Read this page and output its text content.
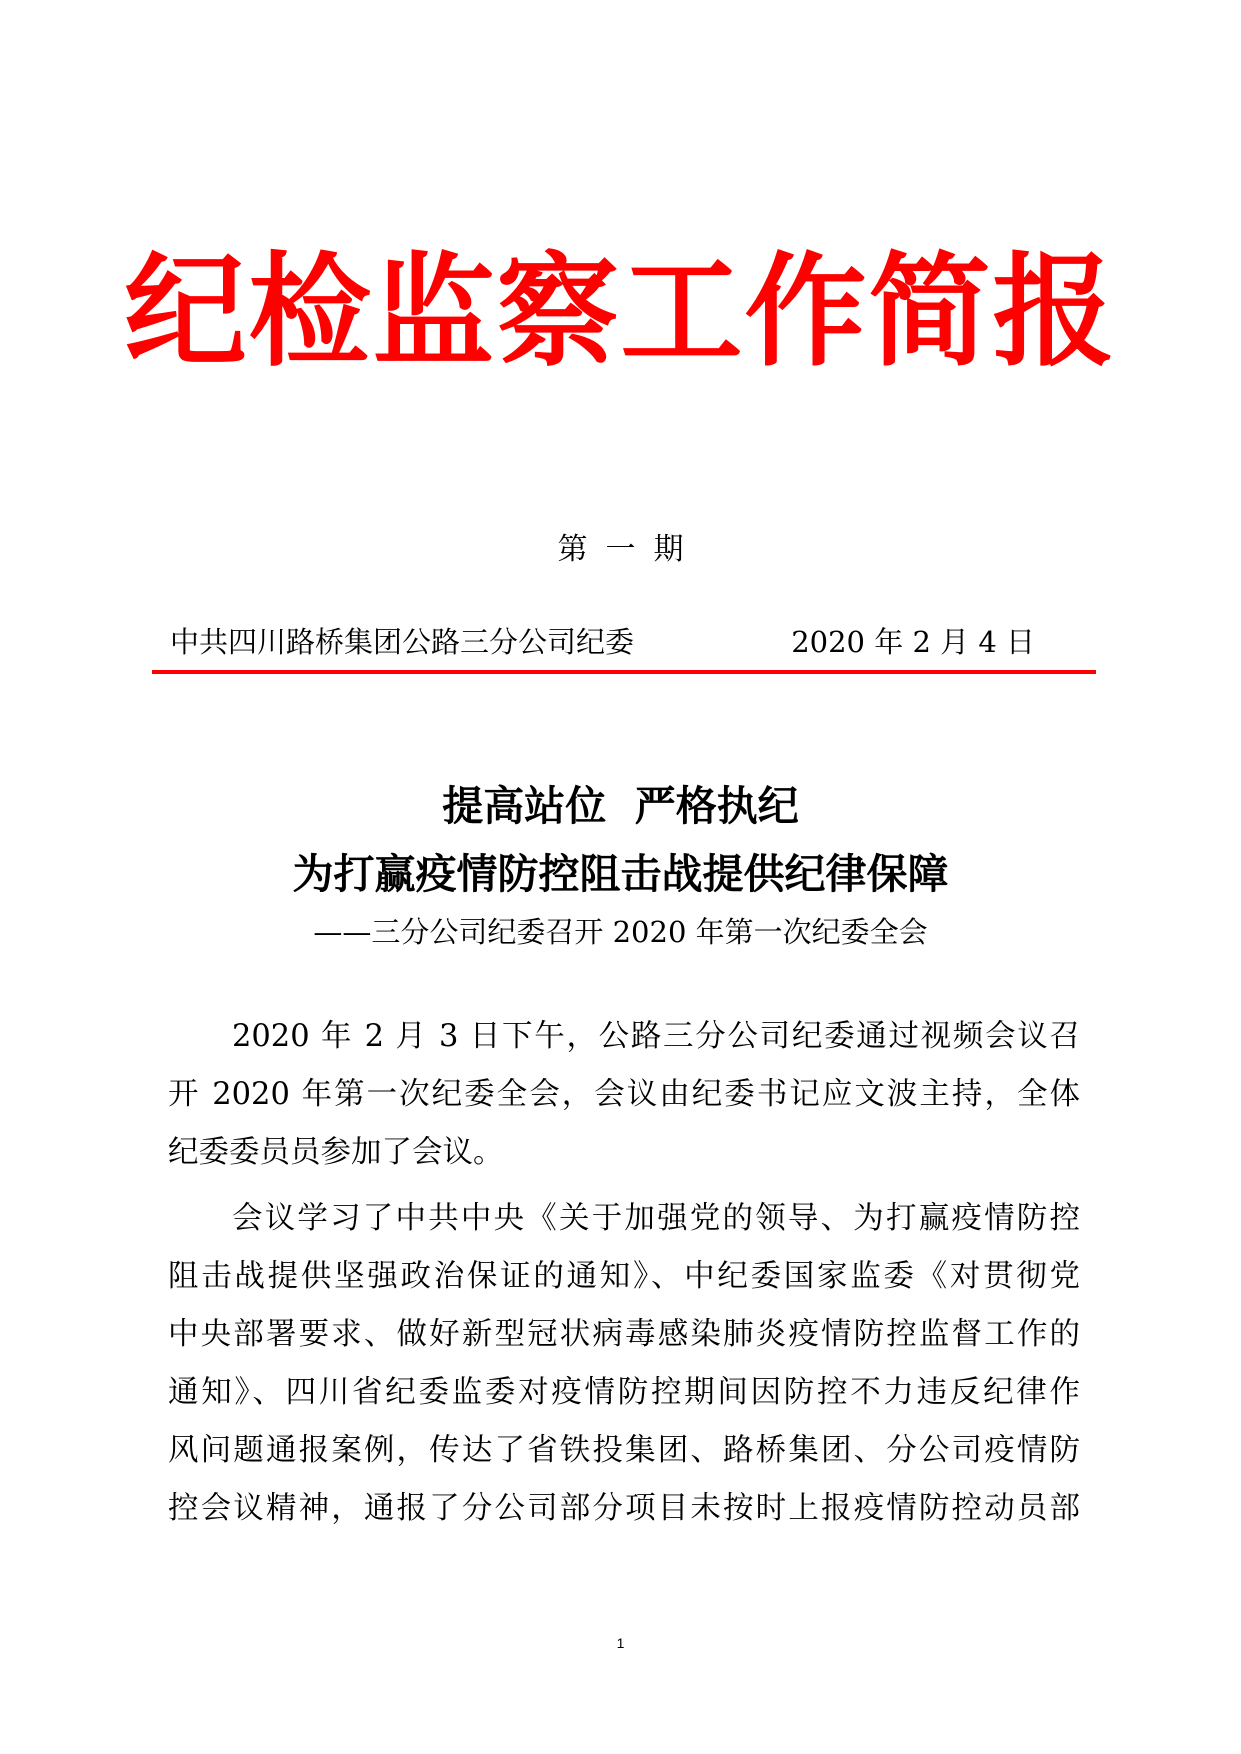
纪检监察工作简报
第一期
中共四川路桥集团公路三分公司纪委	2020 年 2 月 4 日
提高站位  严格执纪
为打赢疫情防控阻击战提供纪律保障
——三分公司纪委召开 2020 年第一次纪委全会
2020 年 2 月 3 日下午，公路三分公司纪委通过视频会议召
开 2020 年第一次纪委全会，会议由纪委书记应文波主持，全体
纪委委员员参加了会议。
会议学习了中共中央《关于加强党的领导、为打赢疫情防控
阻击战提供坚强政治保证的通知》、中纪委国家监委《对贯彻党
中央部署要求、做好新型冠状病毒感染肺炎疫情防控监督工作的
通知》、四川省纪委监委对疫情防控期间因防控不力违反纪律作
风问题通报案例，传达了省铁投集团、路桥集团、分公司疫情防
控会议精神，通报了分公司部分项目未按时上报疫情防控动员部
1
